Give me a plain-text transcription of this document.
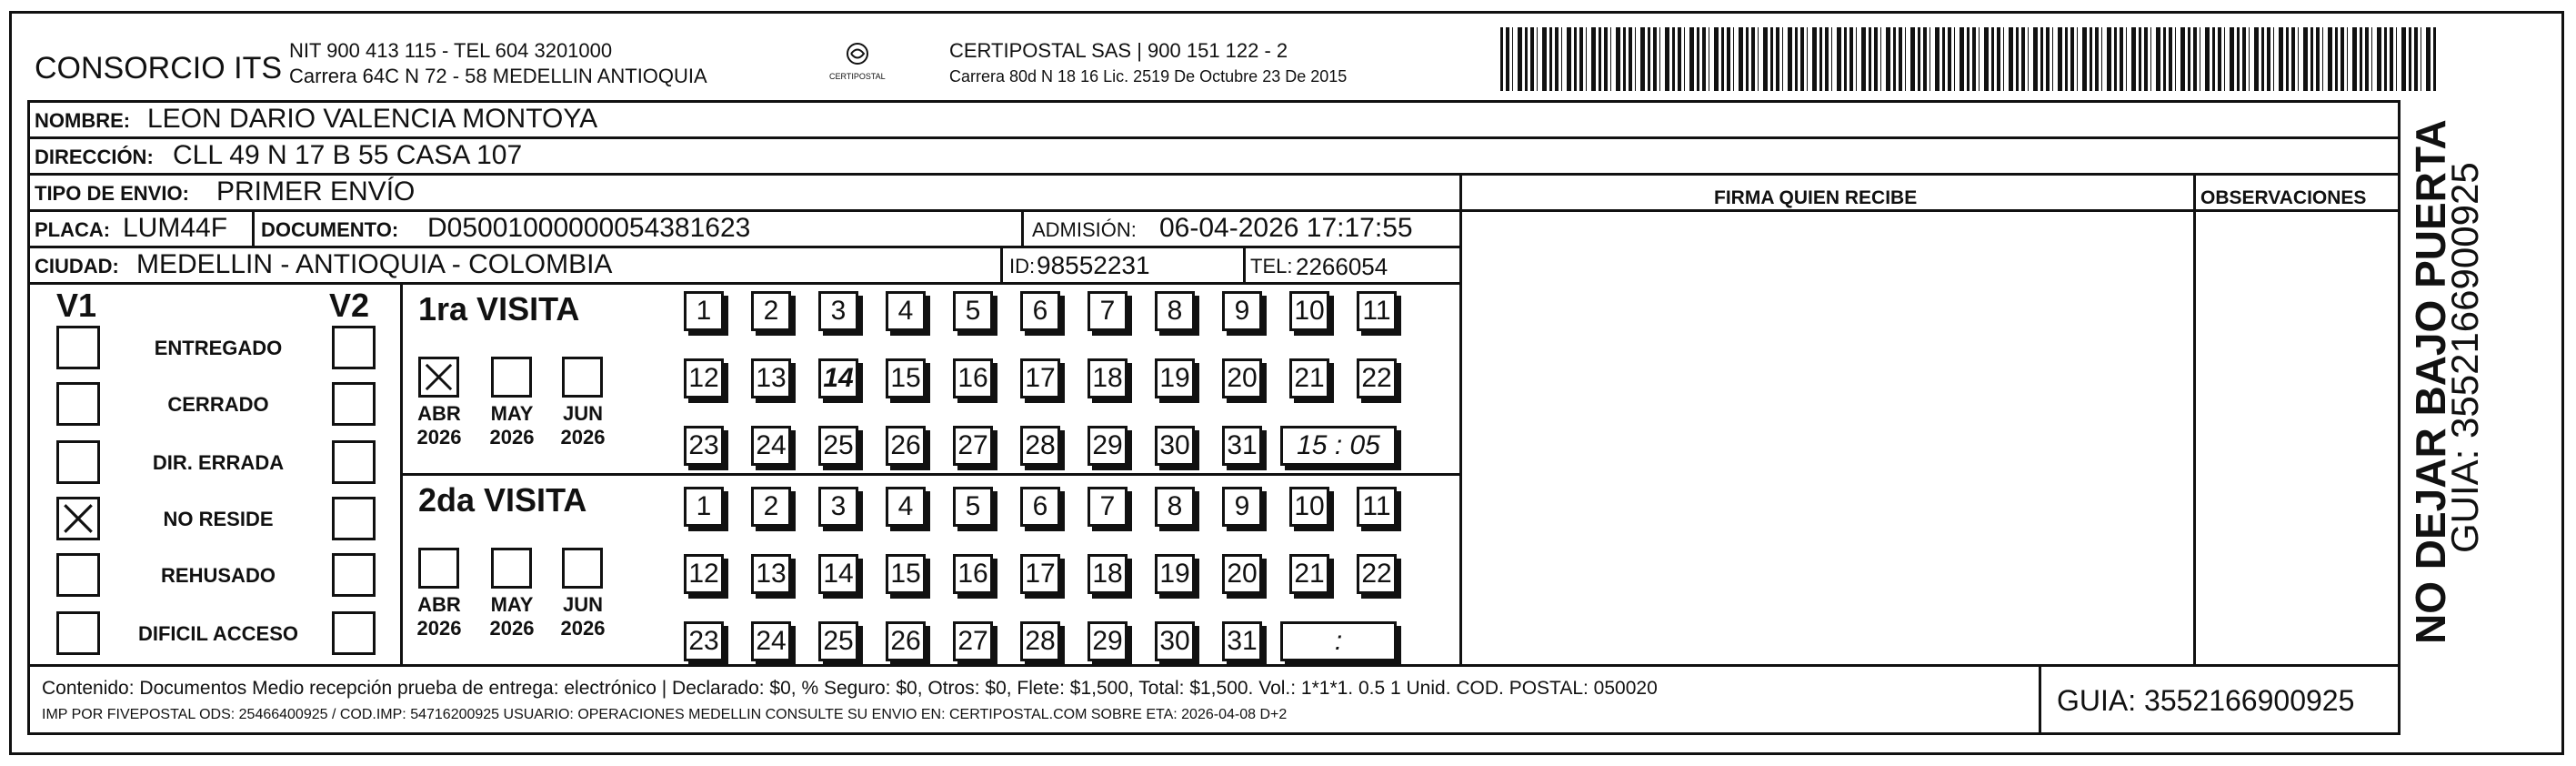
CONSORCIO ITS
NIT 900 413 115 - TEL 604 3201000
Carrera 64C N 72 - 58 MEDELLIN ANTIOQUIA	CERTIPOSTAL
CERTIPOSTAL SAS | 900 151 122 - 2
Carrera 80d N 18 16 Lic. 2519 De Octubre 23 De 2015
NOMBRE: LEON DARIO VALENCIA MONTOYA
DIRECCIÓN: CLL 49 N 17 B 55 CASA 107
TIPO DE ENVIO: PRIMER ENVÍO	FIRMA QUIEN RECIBE	OBSERVACIONES
PLACA: LUM44F DOCUMENTO: D05001000000054381623	ADMISIÓN: 06-04-2026 17:17:55
CIUDAD: MEDELLIN - ANTIOQUIA - COLOMBIA	ID: 98552231	TEL: 2266054
V1	V2
ENTREGADO
CERRADO
DIR. ERRADA
NO RESIDE
REHUSADO
DIFICIL ACCESO
1ra VISITA
2da VISITA
ABR
2026
MAY
2026
JUN
2026
ABR
2026
MAY
2026
JUN
2026
1	2	3	4	5	6	7	8	9	10 11
12 13 14 15 16 17 18 19 20 21 22
23 24 25 26 27 28 29 30 31	15 : 05
1	2	3	4	5	6	7	8	9	10 11
12 13 14 15 16 17 18 19 20 21 22
23 24 25 26 27 28 29 30 31	:
Contenido: Documentos Medio recepción prueba de entrega: electrónico | Declarado: $0, % Seguro: $0, Otros: $0, Flete: $1,500, Total: $1,500. Vol.: 1*1*1. 0.5 1 Unid. COD. POSTAL: 050020
IMP POR FIVEPOSTAL ODS: 25466400925 / COD.IMP: 54716200925 USUARIO: OPERACIONES MEDELLIN CONSULTE SU ENVIO EN: CERTIPOSTAL.COM SOBRE ETA: 2026-04-08 D+2	GUIA: 3552166900925
NO DEJAR BAJO PUERTA
GUIA: 3552166900925
